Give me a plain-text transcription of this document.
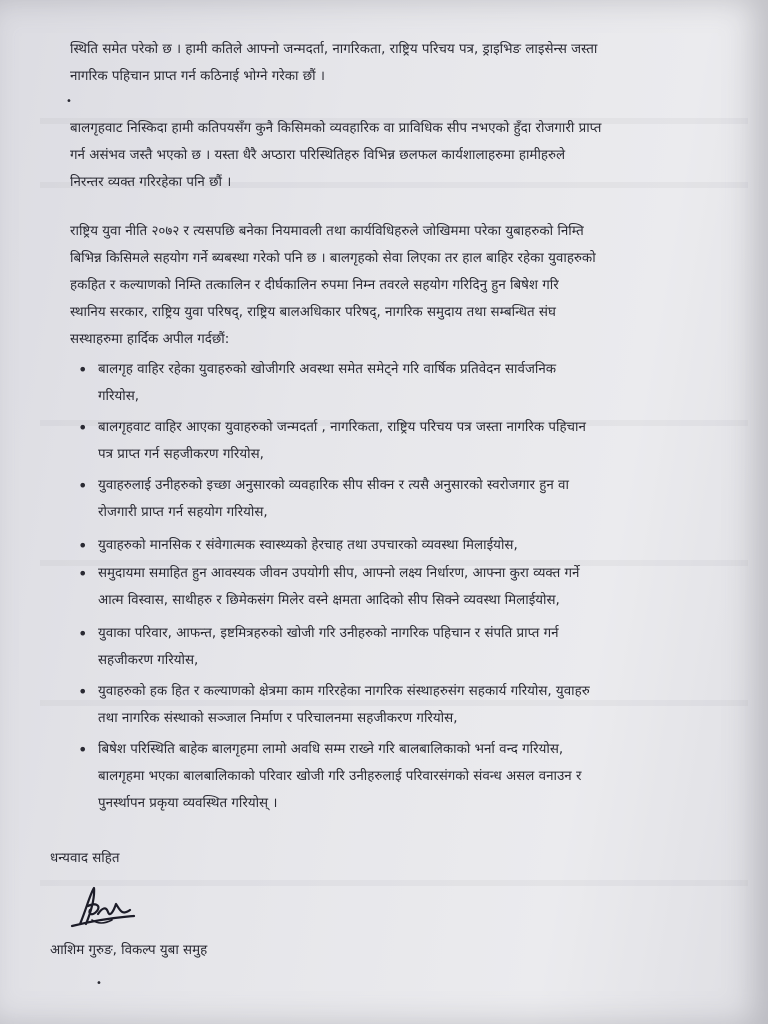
स्थिति समेत परेको छ । हामी कतिले आफ्नो जन्मदर्ता, नागरिकता, राष्ट्रिय परिचय पत्र, ड्राइभिङ लाइसेन्स जस्ता
नागरिक पहिचान प्राप्त गर्न कठिनाई भोग्ने गरेका छौं ।
•
बालगृहवाट निस्किदा हामी कतिपयसँग कुनै किसिमको व्यवहारिक वा प्राविधिक सीप नभएको हुँदा रोजगारी प्राप्त
गर्न असंभव जस्तै भएको छ । यस्ता धैरै अप्ठारा परिस्थितिहरु विभिन्न छलफल कार्यशालाहरुमा हामीहरुले
निरन्तर व्यक्त गरिरहेका पनि छौं ।
राष्ट्रिय युवा नीति २०७२ र त्यसपछि बनेका नियमावली तथा कार्यविधिहरुले जोखिममा परेका युबाहरुको निम्ति
बिभिन्न किसिमले सहयोग गर्ने ब्यबस्था गरेको पनि छ । बालगृहको सेवा लिएका तर हाल बाहिर रहेका युवाहरुको
हकहित र कल्याणको निम्ति तत्कालिन र दीर्घकालिन रुपमा निम्न तवरले सहयोग गरिदिनु हुन बिषेश गरि
स्थानिय सरकार, राष्ट्रिय युवा परिषद्, राष्ट्रिय बालअधिकार परिषद्, नागरिक समुदाय तथा सम्बन्धित संघ
सस्थाहरुमा हार्दिक अपील गर्दछौं:
• बालगृह वाहिर रहेका युवाहरुको खोजीगरि अवस्था समेत समेट्ने गरि वार्षिक प्रतिवेदन सार्वजनिक
गरियोस,
• बालगृहवाट वाहिर आएका युवाहरुको जन्मदर्ता , नागरिकता, राष्ट्रिय परिचय पत्र जस्ता नागरिक पहिचान
पत्र प्राप्त गर्न सहजीकरण गरियोस,
• युवाहरुलाई उनीहरुको इच्छा अनुसारको व्यवहारिक सीप सीक्न र त्यसै अनुसारको स्वरोजगार हुन वा
रोजगारी प्राप्त गर्न सहयोग गरियोस,
• युवाहरुको मानसिक र संवेगात्मक स्वास्थ्यको हेरचाह तथा उपचारको व्यवस्था मिलाईयोस,
• समुदायमा समाहित हुन आवस्यक जीवन उपयोगी सीप, आफ्नो लक्ष्य निर्धारण, आफ्ना कुरा व्यक्त गर्ने
आत्म विस्वास, साथीहरु र छिमेकसंग मिलेर वस्ने क्षमता आदिको सीप सिक्ने व्यवस्था मिलाईयोस,
• युवाका परिवार, आफन्त, इष्टमित्रहरुको खोजी गरि उनीहरुको नागरिक पहिचान र संपति प्राप्त गर्न
सहजीकरण गरियोस,
• युवाहरुको हक हित र कल्याणको क्षेत्रमा काम गरिरहेका नागरिक संस्थाहरुसंग सहकार्य गरियोस, युवाहरु
तथा नागरिक संस्थाको सञ्जाल निर्माण र परिचालनमा सहजीकरण गरियोस,
• बिषेश परिस्थिति बाहेक बालगृहमा लामो अवधि सम्म राख्ने गरि बालबालिकाको भर्ना वन्द गरियोस,
बालगृहमा भएका बालबालिकाको परिवार खोजी गरि उनीहरुलाई परिवारसंगको संवन्ध असल वनाउन र
पुनर्स्थापन प्रकृया व्यवस्थित गरियोस् ।
धन्यवाद सहित
आशिम गुरुङ, विकल्प युबा समुह
•
